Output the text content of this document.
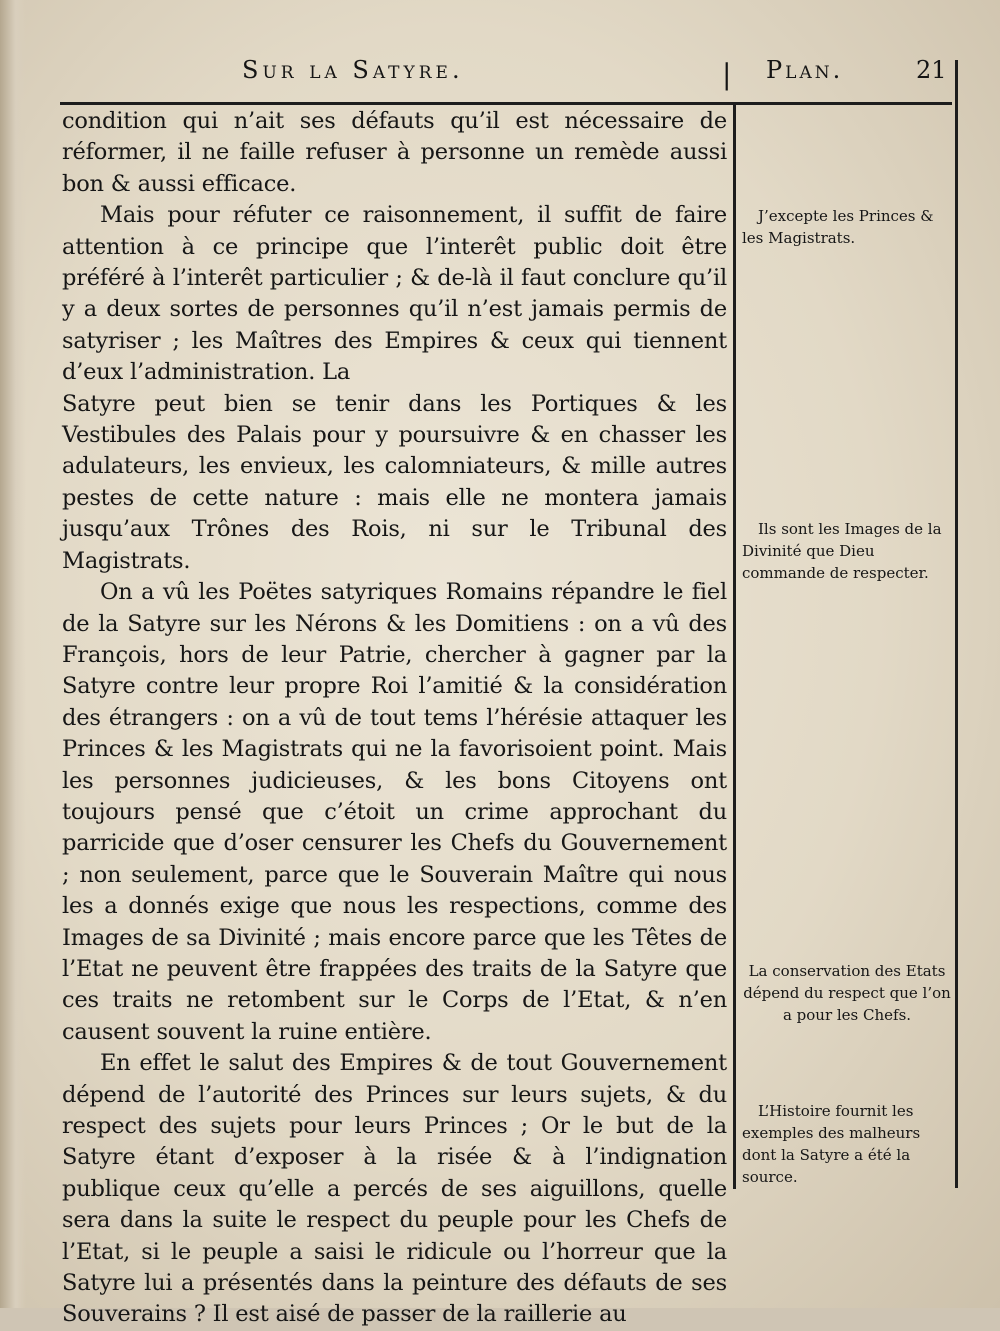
Sur la Satyre.	| Plan.	21

condition qui n’ait ses défauts qu’il est nécessaire de réformer, il ne faille refuser à personne un remède aussi bon & aussi efficace.

Mais pour réfuter ce raisonnement, il suffit de faire attention à ce principe que l’interêt public doit être préféré à l’interêt particulier ; & de-là il faut conclure qu’il y a deux sortes de personnes qu’il n’est jamais permis de satyriser ; les Maîtres des Empires & ceux qui tiennent d’eux l’administration. La

Satyre peut bien se tenir dans les Portiques & les Vestibules des Palais pour y poursuivre & en chasser les adulateurs, les envieux, les calomniateurs, & mille autres pestes de cette nature : mais elle ne montera jamais jusqu’aux Trônes des Rois, ni sur le Tribunal des Magistrats.

On a vû les Poëtes satyriques Romains répandre le fiel de la Satyre sur les Nérons & les Domitiens : on a vû des François, hors de leur Patrie, chercher à gagner par la Satyre contre leur propre Roi l’amitié & la considération des étrangers : on a vû de tout tems l’hérésie attaquer les Princes & les Magistrats qui ne la favorisoient point. Mais les personnes judicieuses, & les bons Citoyens ont toujours pensé que c’étoit un crime approchant du parricide que d’oser censurer les Chefs du Gouvernement ; non seulement, parce que le Souverain Maître qui nous les a donnés exige que nous les respections, comme des Images de sa Divinité ; mais encore parce que les Têtes de l’Etat ne peuvent être frappées des traits de la Satyre que ces traits ne retombent sur le Corps de l’Etat, & n’en causent souvent la ruine entière.

En effet le salut des Empires & de tout Gouvernement dépend de l’autorité des Princes sur leurs sujets, & du respect des sujets pour leurs Princes ; Or le but de la Satyre étant d’exposer à la risée & à l’indignation publique ceux qu’elle a percés de ses aiguillons, quelle sera dans la suite le respect du peuple pour les Chefs de l’Etat, si le peuple a saisi le ridicule ou l’horreur que la Satyre lui a présentés dans la peinture des défauts de ses Souverains ? Il est aisé de passer de la raillerie au

J’excepte les Princes & les Magistrats.
Ils sont les Images de la Divinité que Dieu commande de respecter.
La conservation des Etats dépend du respect que l’on a pour les Chefs.
L’Histoire fournit les exemples des malheurs dont la Satyre a été la source.
